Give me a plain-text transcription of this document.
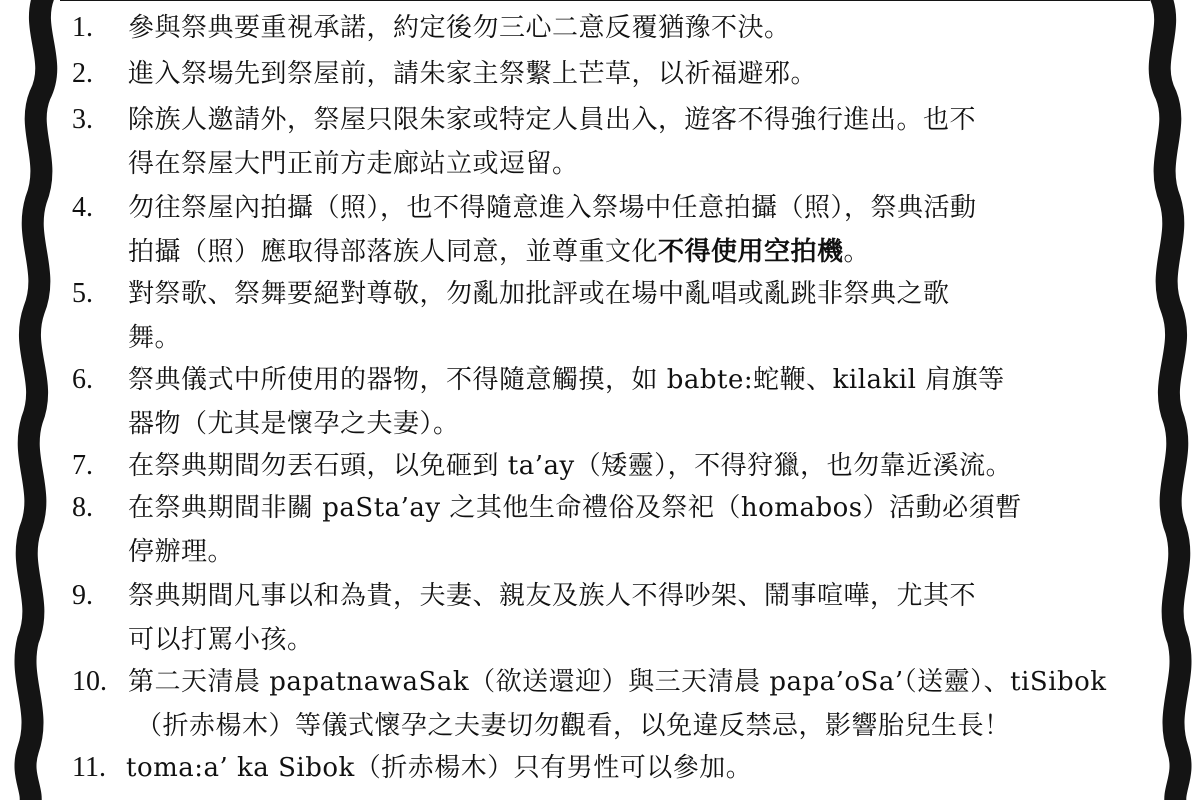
1. 參與祭典要重視承諾，約定後勿三心二意反覆猶豫不決。
2. 進入祭場先到祭屋前，請朱家主祭繫上芒草，以祈福避邪。
3. 除族人邀請外，祭屋只限朱家或特定人員出入，遊客不得強行進出。也不
得在祭屋大門正前方走廊站立或逗留。
4. 勿往祭屋內拍攝（照），也不得隨意進入祭場中任意拍攝（照），祭典活動
拍攝（照）應取得部落族人同意，並尊重文化不得使用空拍機。
5. 對祭歌、祭舞要絕對尊敬，勿亂加批評或在場中亂唱或亂跳非祭典之歌
舞。
6. 祭典儀式中所使用的器物，不得隨意觸摸，如 babte:蛇鞭、kilakil 肩旗等
器物（尤其是懷孕之夫妻）。
7. 在祭典期間勿丟石頭，以免砸到 ta’ay（矮靈），不得狩獵，也勿靠近溪流。
8. 在祭典期間非關 paSta’ay 之其他生命禮俗及祭祀（homabos）活動必須暫
停辦理。
9. 祭典期間凡事以和為貴，夫妻、親友及族人不得吵架、鬧事喧嘩，尤其不
可以打罵小孩。
10. 第二天清晨 papatnawaSak（欲送還迎）與三天清晨 papa’oSa’（送靈）、tiSibok
（折赤楊木）等儀式懷孕之夫妻切勿觀看，以免違反禁忌，影響胎兒生長！
11. toma:a’ ka Sibok（折赤楊木）只有男性可以參加。
